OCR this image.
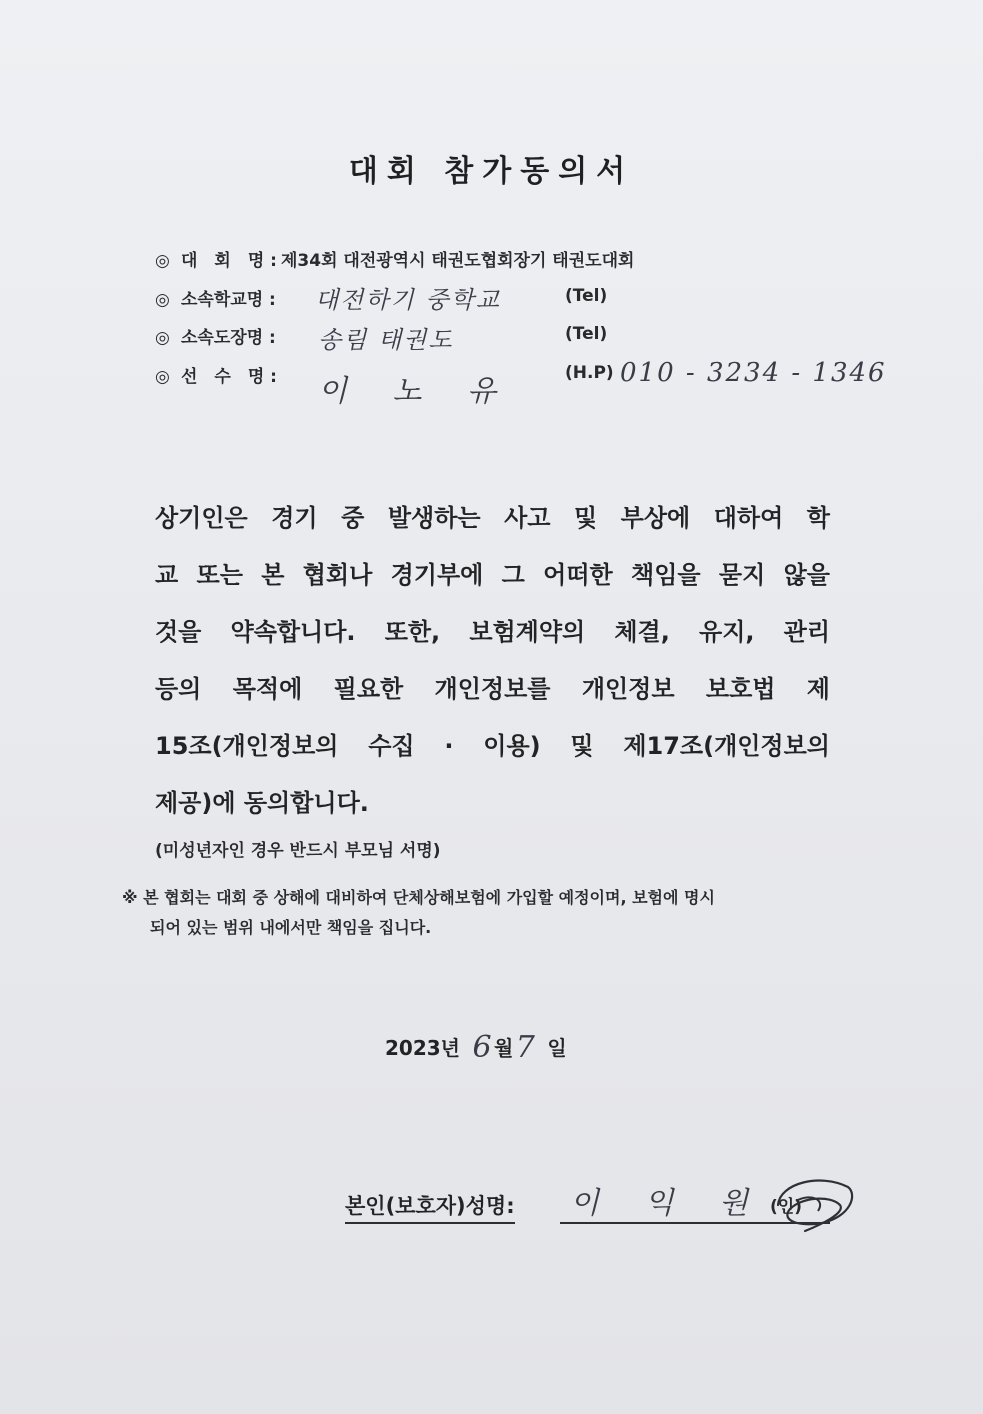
대회 참가동의서
◎ 대　회　명 : 제34회 대전광역시 태권도협회장기 태권도대회
◎ 소속학교명 :
◎ 소속도장명 :
◎ 선　수　명 :
대전하기 중학교
송림 태권도
이 노 유
010 - 3234 - 1346
(Tel)
(Tel)
(H.P)
상기인은 경기 중 발생하는 사고 및 부상에 대하여 학
교 또는 본 협회나 경기부에 그 어떠한 책임을 묻지 않을
것을 약속합니다. 또한, 보험계약의 체결, 유지, 관리
등의 목적에 필요한 개인정보를 개인정보 보호법 제
15조(개인정보의 수집 · 이용) 및 제17조(개인정보의
제공)에 동의합니다.
(미성년자인 경우 반드시 부모님 서명)
※ 본 협회는 대회 중 상해에 대비하여 단체상해보험에 가입할 예정이며, 보험에 명시
되어 있는 범위 내에서만 책임을 집니다.
2023년 6 월7 일
본인(보호자)성명: 이 익 원 (인)
